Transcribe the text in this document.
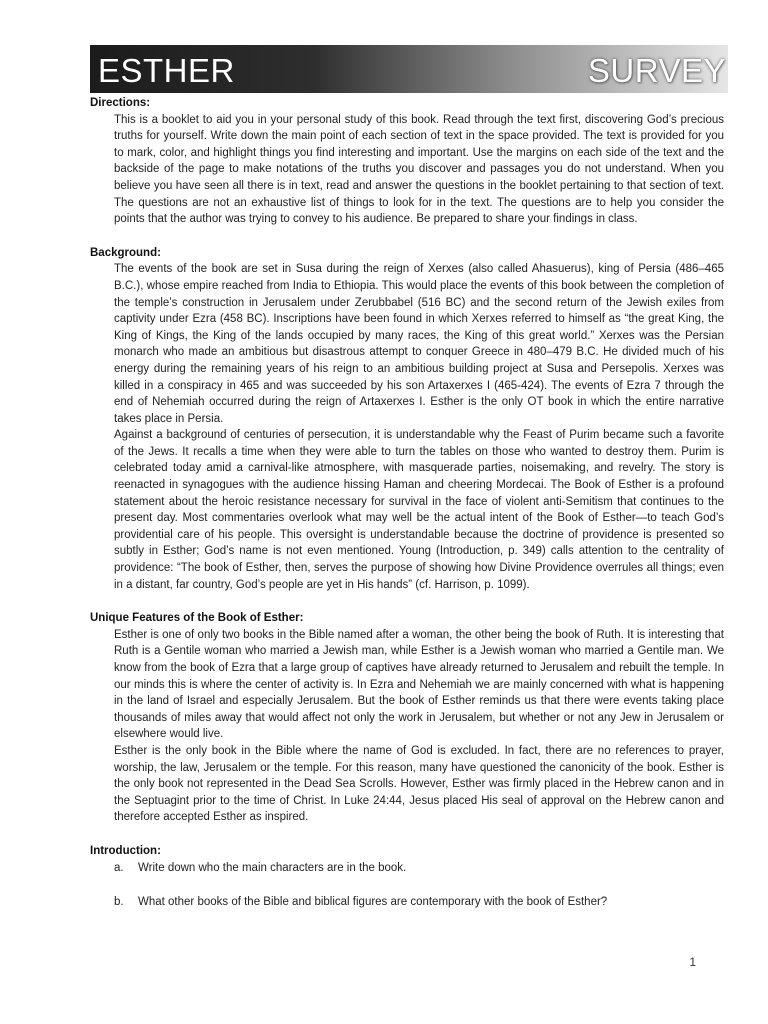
ESTHER	SURVEY
Directions:

This is a booklet to aid you in your personal study of this book. Read through the text first, discovering God’s precious truths for yourself. Write down the main point of each section of text in the space provided. The text is provided for you to mark, color, and highlight things you find interesting and important. Use the margins on each side of the text and the backside of the page to make notations of the truths you discover and passages you do not understand. When you believe you have seen all there is in text, read and answer the questions in the booklet pertaining to that section of text. The questions are not an exhaustive list of things to look for in the text. The questions are to help you consider the points that the author was trying to convey to his audience. Be prepared to share your findings in class.

Background:

The events of the book are set in Susa during the reign of Xerxes (also called Ahasuerus), king of Persia (486–465 B.C.), whose empire reached from India to Ethiopia. This would place the events of this book between the completion of the temple’s construction in Jerusalem under Zerubbabel (516 BC) and the second return of the Jewish exiles from captivity under Ezra (458 BC). Inscriptions have been found in which Xerxes referred to himself as “the great King, the King of Kings, the King of the lands occupied by many races, the King of this great world.” Xerxes was the Persian monarch who made an ambitious but disastrous attempt to conquer Greece in 480–479 B.C. He divided much of his energy during the remaining years of his reign to an ambitious building project at Susa and Persepolis. Xerxes was killed in a conspiracy in 465 and was succeeded by his son Artaxerxes I (465-424). The events of Ezra 7 through the end of Nehemiah occurred during the reign of Artaxerxes I. Esther is the only OT book in which the entire narrative takes place in Persia.

Against a background of centuries of persecution, it is understandable why the Feast of Purim became such a favorite of the Jews. It recalls a time when they were able to turn the tables on those who wanted to destroy them. Purim is celebrated today amid a carnival-like atmosphere, with masquerade parties, noisemaking, and revelry. The story is reenacted in synagogues with the audience hissing Haman and cheering Mordecai. The Book of Esther is a profound statement about the heroic resistance necessary for survival in the face of violent anti-Semitism that continues to the present day. Most commentaries overlook what may well be the actual intent of the Book of Esther—to teach God’s providential care of his people. This oversight is understandable because the doctrine of providence is presented so subtly in Esther; God’s name is not even mentioned. Young (Introduction, p. 349) calls attention to the centrality of providence: “The book of Esther, then, serves the purpose of showing how Divine Providence overrules all things; even in a distant, far country, God’s people are yet in His hands” (cf. Harrison, p. 1099).

Unique Features of the Book of Esther:

Esther is one of only two books in the Bible named after a woman, the other being the book of Ruth. It is interesting that Ruth is a Gentile woman who married a Jewish man, while Esther is a Jewish woman who married a Gentile man. We know from the book of Ezra that a large group of captives have already returned to Jerusalem and rebuilt the temple. In our minds this is where the center of activity is. In Ezra and Nehemiah we are mainly concerned with what is happening in the land of Israel and especially Jerusalem. But the book of Esther reminds us that there were events taking place thousands of miles away that would affect not only the work in Jerusalem, but whether or not any Jew in Jerusalem or elsewhere would live.

Esther is the only book in the Bible where the name of God is excluded. In fact, there are no references to prayer, worship, the law, Jerusalem or the temple. For this reason, many have questioned the canonicity of the book. Esther is the only book not represented in the Dead Sea Scrolls. However, Esther was firmly placed in the Hebrew canon and in the Septuagint prior to the time of Christ. In Luke 24:44, Jesus placed His seal of approval on the Hebrew canon and therefore accepted Esther as inspired.

Introduction:
a.	Write down who the main characters are in the book.
b.	What other books of the Bible and biblical figures are contemporary with the book of Esther?
1
